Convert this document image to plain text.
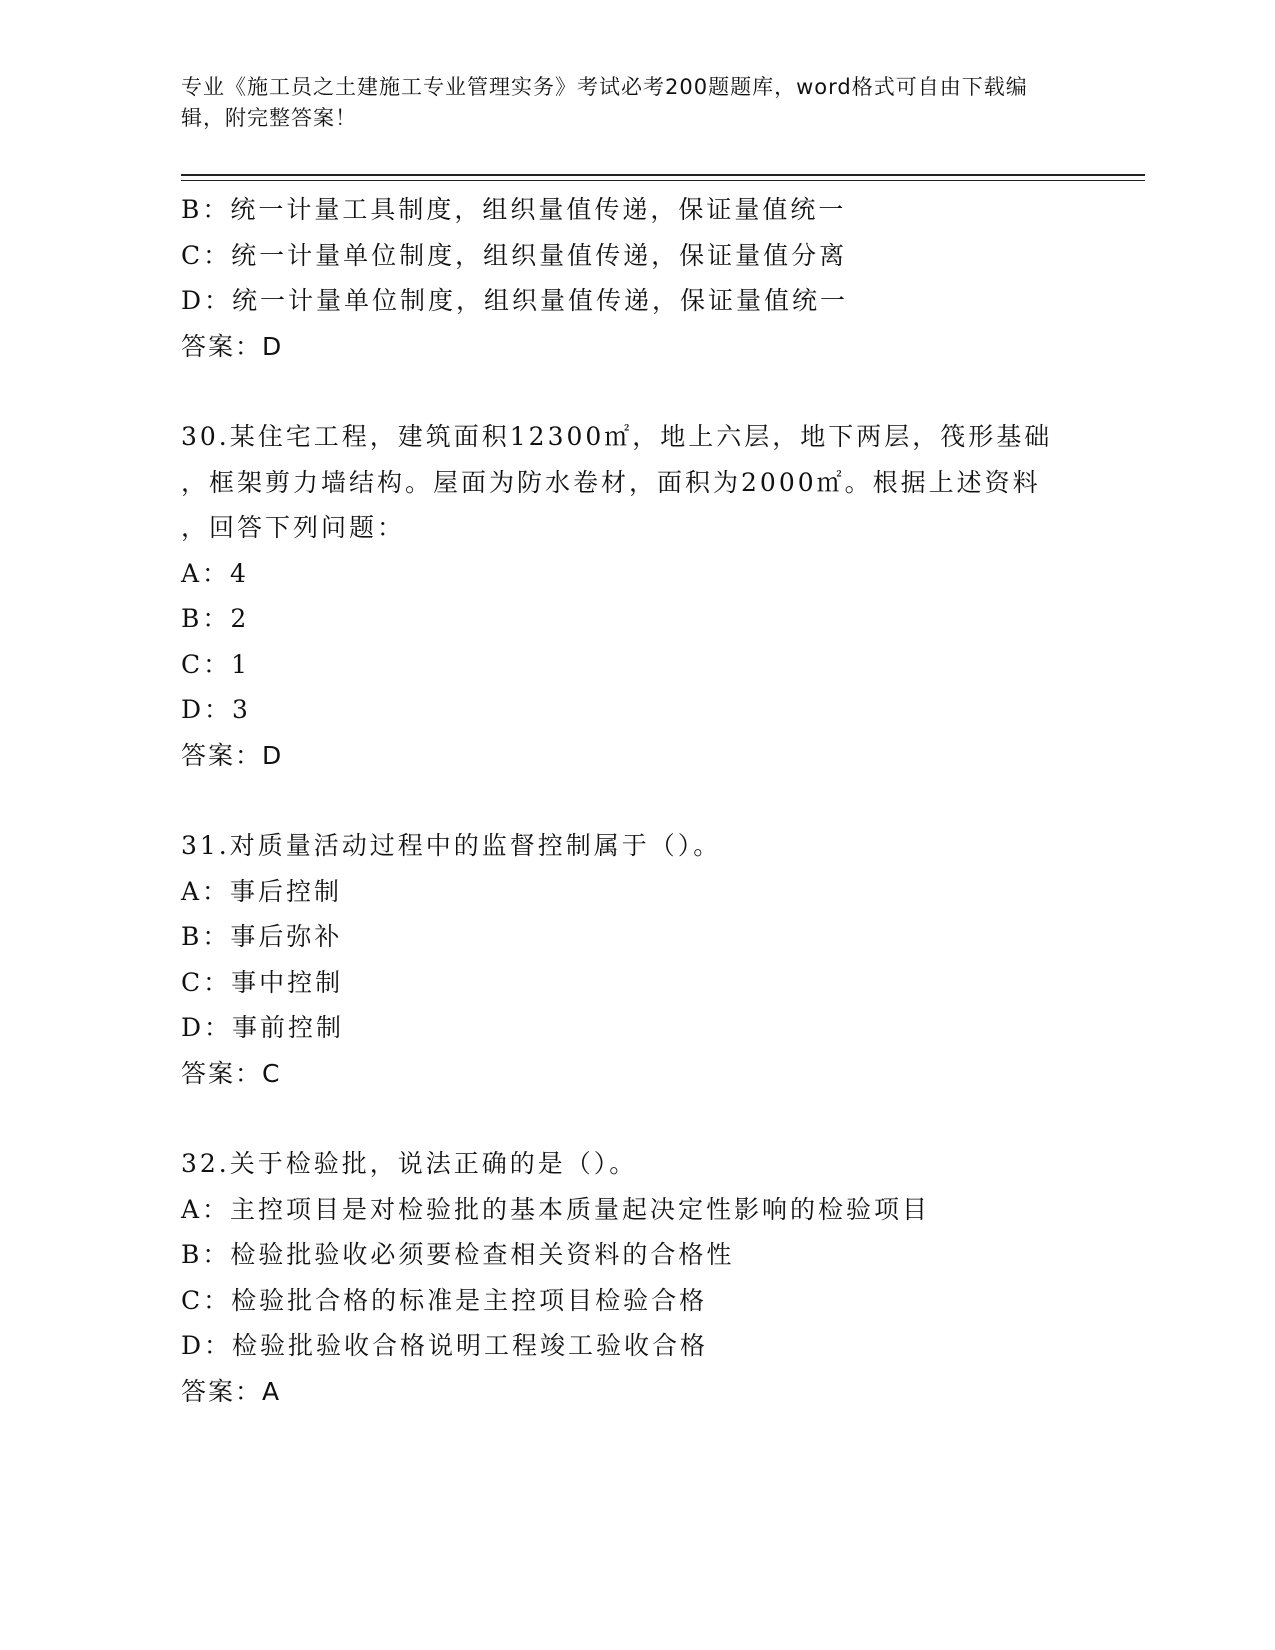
专业《施工员之土建施工专业管理实务》考试必考200题题库，word格式可自由下载编辑，附完整答案！
B：统一计量工具制度，组织量值传递，保证量值统一
C：统一计量单位制度，组织量值传递，保证量值分离
D：统一计量单位制度，组织量值传递，保证量值统一
答案：D
30.某住宅工程，建筑面积12300㎡，地上六层，地下两层，筏形基础
，框架剪力墙结构。屋面为防水卷材，面积为2000㎡。根据上述资料
，回答下列问题：
A：4
B：2
C：1
D：3
答案：D
31.对质量活动过程中的监督控制属于（）。
A：事后控制
B：事后弥补
C：事中控制
D：事前控制
答案：C
32.关于检验批，说法正确的是（）。
A：主控项目是对检验批的基本质量起决定性影响的检验项目
B：检验批验收必须要检查相关资料的合格性
C：检验批合格的标准是主控项目检验合格
D：检验批验收合格说明工程竣工验收合格
答案：A
